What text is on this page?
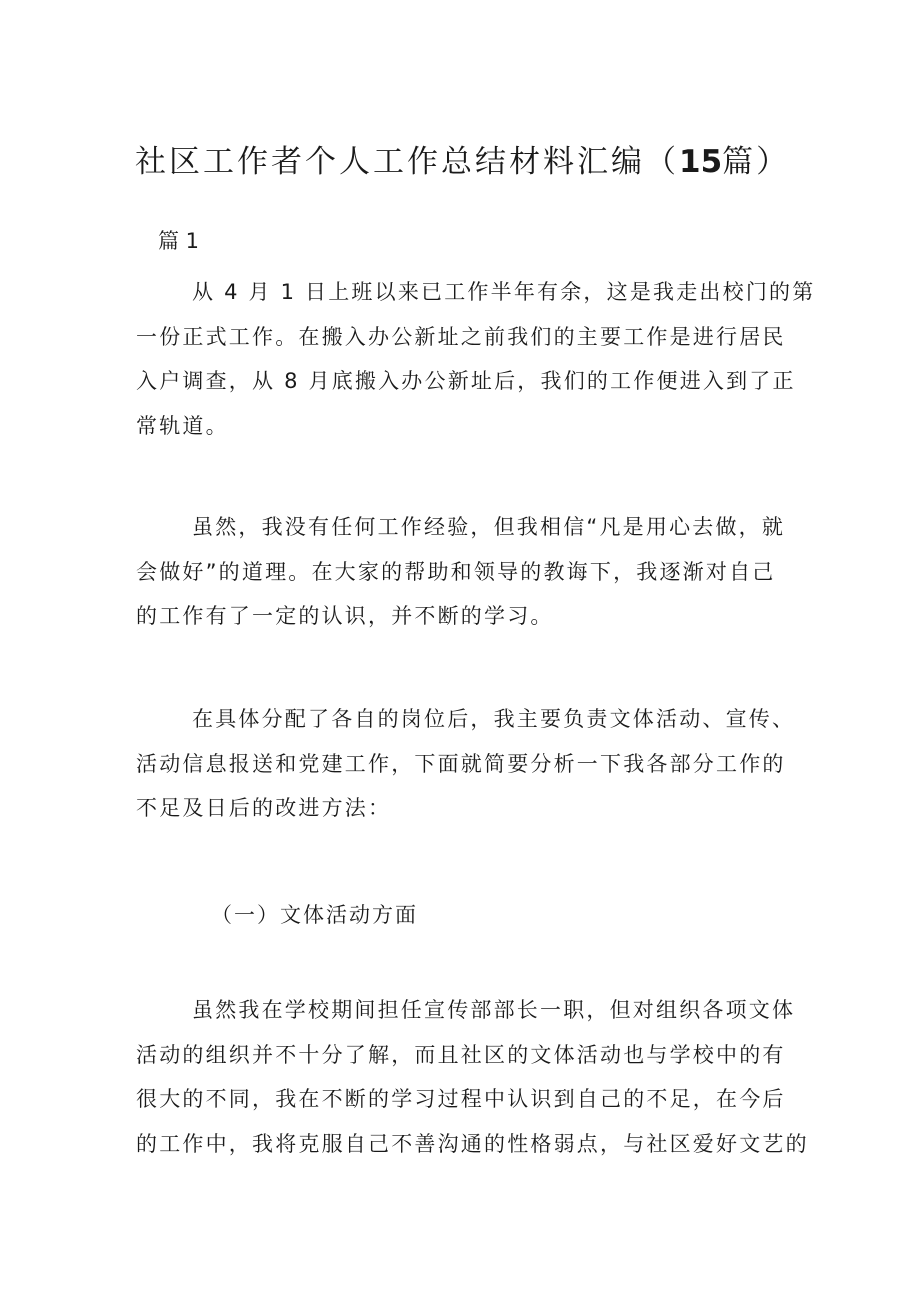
社区工作者个人工作总结材料汇编（15篇）

篇 1

从 4 月 1 日上班以来已工作半年有余，这是我走出校门的第
一份正式工作。在搬入办公新址之前我们的主要工作是进行居民
入户调查，从 8 月底搬入办公新址后，我们的工作便进入到了正
常轨道。

虽然，我没有任何工作经验，但我相信“凡是用心去做，就
会做好”的道理。在大家的帮助和领导的教诲下，我逐渐对自己
的工作有了一定的认识，并不断的学习。

在具体分配了各自的岗位后，我主要负责文体活动、宣传、
活动信息报送和党建工作，下面就简要分析一下我各部分工作的
不足及日后的改进方法：

（一）文体活动方面

虽然我在学校期间担任宣传部部长一职，但对组织各项文体
活动的组织并不十分了解，而且社区的文体活动也与学校中的有
很大的不同，我在不断的学习过程中认识到自己的不足，在今后
的工作中，我将克服自己不善沟通的性格弱点，与社区爱好文艺的
